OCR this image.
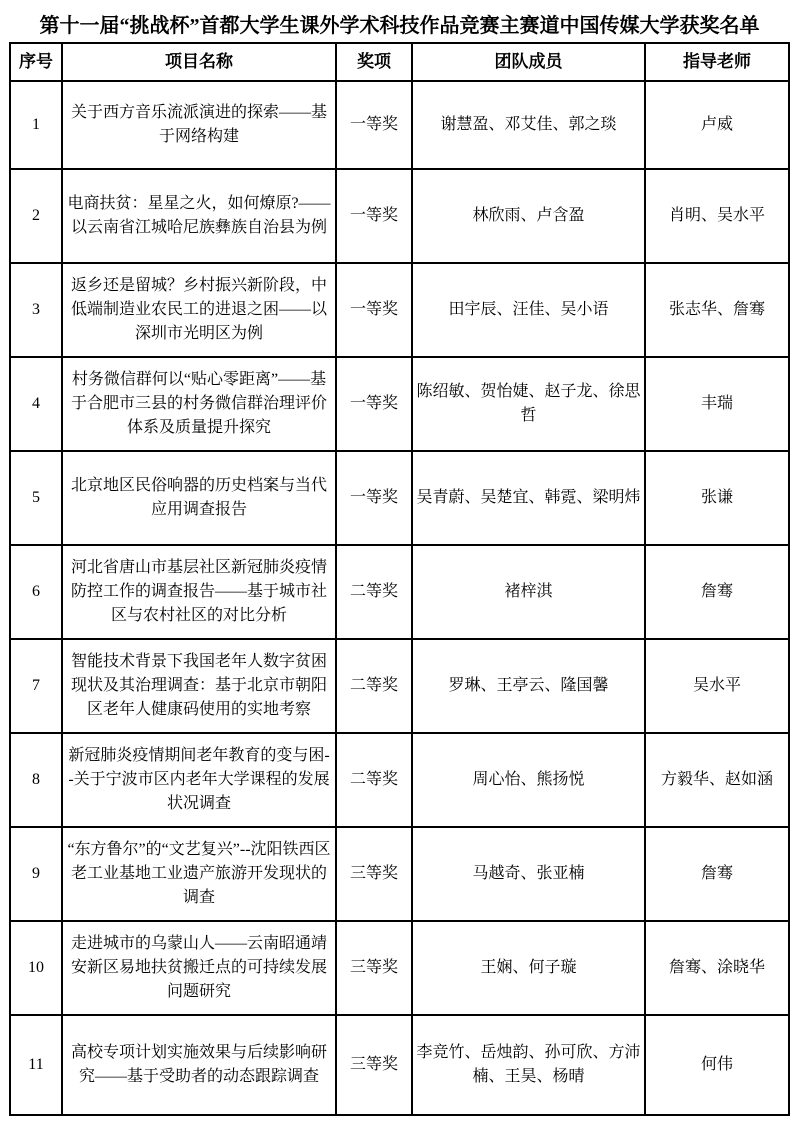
第十一届“挑战杯”首都大学生课外学术科技作品竞赛主赛道中国传媒大学获奖名单
序号	项目名称	奖项	团队成员	指导老师
1	关于西方音乐流派演进的探索——基于网络构建	一等奖	谢慧盈、邓艾佳、郭之琰	卢威
2	电商扶贫：星星之火，如何燎原?——以云南省江城哈尼族彝族自治县为例	一等奖	林欣雨、卢含盈	肖明、吴水平
3	返乡还是留城？乡村振兴新阶段，中低端制造业农民工的进退之困——以深圳市光明区为例	一等奖	田宇辰、汪佳、吴小语	张志华、詹骞
4	村务微信群何以“贴心零距离”——基于合肥市三县的村务微信群治理评价体系及质量提升探究	一等奖	陈绍敏、贺怡婕、赵子龙、徐思哲	丰瑞
5	北京地区民俗响器的历史档案与当代应用调查报告	一等奖	吴青蔚、吴楚宜、韩霓、梁明炜	张谦
6	河北省唐山市基层社区新冠肺炎疫情防控工作的调查报告——基于城市社区与农村社区的对比分析	二等奖	褚梓淇	詹骞
7	智能技术背景下我国老年人数字贫困现状及其治理调查：基于北京市朝阳区老年人健康码使用的实地考察	二等奖	罗琳、王亭云、隆国馨	吴水平
8	新冠肺炎疫情期间老年教育的变与困--关于宁波市区内老年大学课程的发展状况调查	二等奖	周心怡、熊扬悦	方毅华、赵如涵
9	“东方鲁尔”的“文艺复兴”--沈阳铁西区老工业基地工业遗产旅游开发现状的调查	三等奖	马越奇、张亚楠	詹骞
10	走进城市的乌蒙山人——云南昭通靖安新区易地扶贫搬迁点的可持续发展问题研究	三等奖	王娴、何子璇	詹骞、涂晓华
11	高校专项计划实施效果与后续影响研究——基于受助者的动态跟踪调查	三等奖	李竞竹、岳烛韵、孙可欣、方沛楠、王昊、杨晴	何伟
